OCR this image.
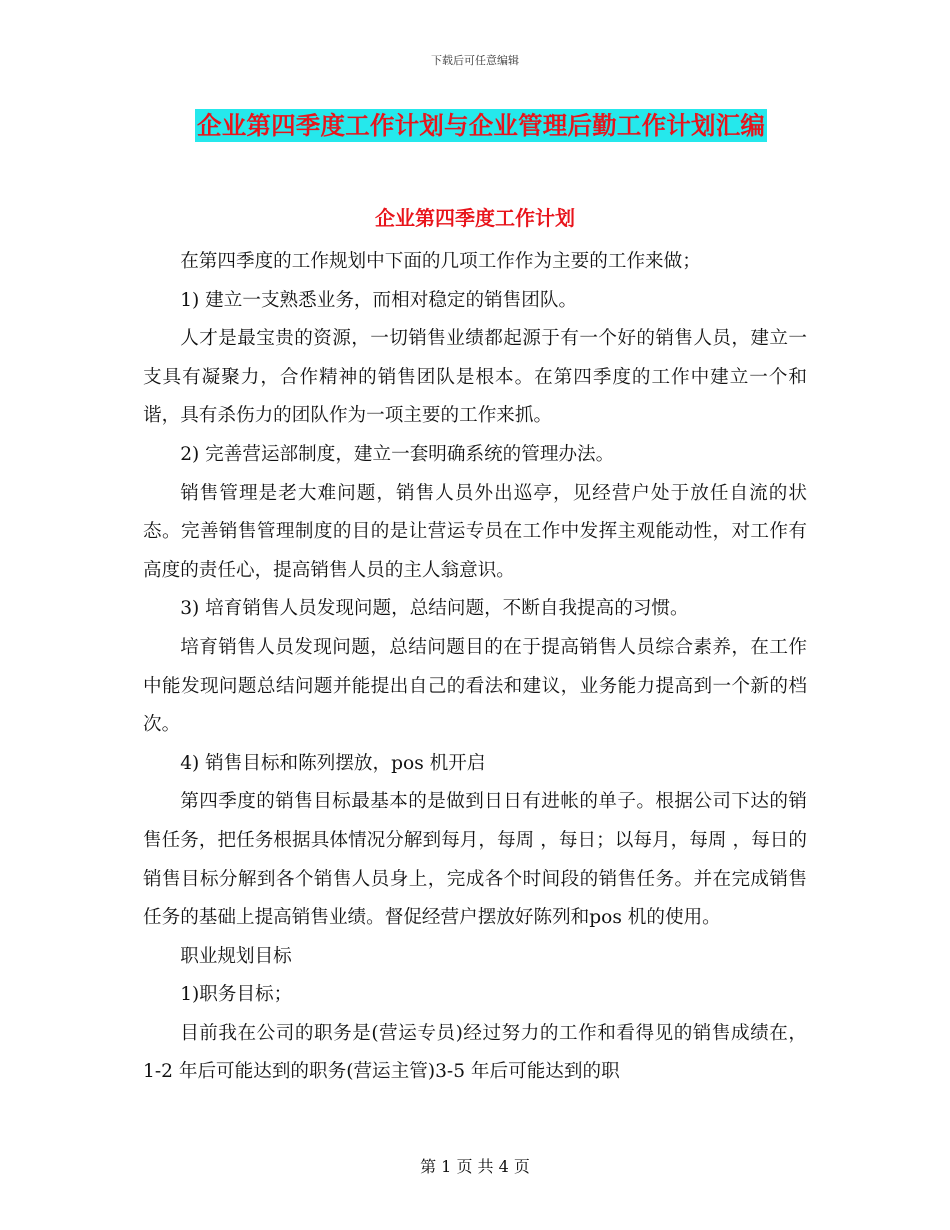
下载后可任意编辑
企业第四季度工作计划与企业管理后勤工作计划汇编
企业第四季度工作计划

在第四季度的工作规划中下面的几项工作作为主要的工作来做；

1) 建立一支熟悉业务，而相对稳定的销售团队。

人才是最宝贵的资源，一切销售业绩都起源于有一个好的销售人员，建立一支具有凝聚力，合作精神的销售团队是根本。在第四季度的工作中建立一个和谐，具有杀伤力的团队作为一项主要的工作来抓。

2) 完善营运部制度，建立一套明确系统的管理办法。

销售管理是老大难问题，销售人员外出巡亭，见经营户处于放任自流的状态。完善销售管理制度的目的是让营运专员在工作中发挥主观能动性，对工作有高度的责任心，提高销售人员的主人翁意识。

3) 培育销售人员发现问题，总结问题，不断自我提高的习惯。

培育销售人员发现问题，总结问题目的在于提高销售人员综合素养，在工作中能发现问题总结问题并能提出自己的看法和建议，业务能力提高到一个新的档次。

4) 销售目标和陈列摆放，pos 机开启

第四季度的销售目标最基本的是做到日日有进帐的单子。根据公司下达的销售任务，把任务根据具体情况分解到每月，每周 ，每日；以每月，每周 ，每日的销售目标分解到各个销售人员身上，完成各个时间段的销售任务。并在完成销售任务的基础上提高销售业绩。督促经营户摆放好陈列和pos 机的使用。

职业规划目标

1)职务目标；

目前我在公司的职务是(营运专员)经过努力的工作和看得见的销售成绩在，1-2 年后可能达到的职务(营运主管)3-5 年后可能达到的职

第 1 页 共 4 页
